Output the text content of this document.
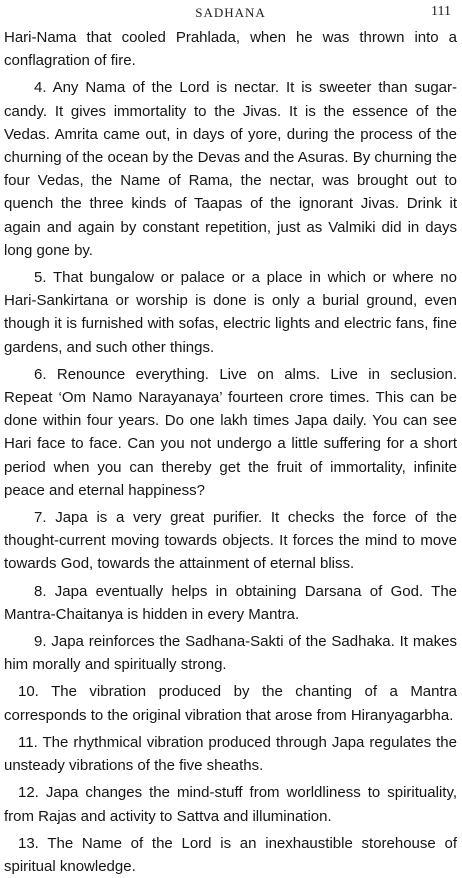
SADHANA	111

Hari-Nama that cooled Prahlada, when he was thrown into a conflagration of fire.

4. Any Nama of the Lord is nectar. It is sweeter than sugar-candy. It gives immortality to the Jivas. It is the essence of the Vedas. Amrita came out, in days of yore, during the process of the churning of the ocean by the Devas and the Asuras. By churning the four Vedas, the Name of Rama, the nectar, was brought out to quench the three kinds of Taapas of the ignorant Jivas. Drink it again and again by constant repetition, just as Valmiki did in days long gone by.

5. That bungalow or palace or a place in which or where no Hari-Sankirtana or worship is done is only a burial ground, even though it is furnished with sofas, electric lights and electric fans, fine gardens, and such other things.

6. Renounce everything. Live on alms. Live in seclusion. Repeat ‘Om Namo Narayanaya’ fourteen crore times. This can be done within four years. Do one lakh times Japa daily. You can see Hari face to face. Can you not undergo a little suffering for a short period when you can thereby get the fruit of immortality, infinite peace and eternal happiness?

7. Japa is a very great purifier. It checks the force of the thought-current moving towards objects. It forces the mind to move towards God, towards the attainment of eternal bliss.

8. Japa eventually helps in obtaining Darsana of God. The Mantra-Chaitanya is hidden in every Mantra.

9. Japa reinforces the Sadhana-Sakti of the Sadhaka. It makes him morally and spiritually strong.

10. The vibration produced by the chanting of a Mantra corresponds to the original vibration that arose from Hiranyagarbha.

11. The rhythmical vibration produced through Japa regulates the unsteady vibrations of the five sheaths.

12. Japa changes the mind-stuff from worldliness to spirituality, from Rajas and activity to Sattva and illumination.

13. The Name of the Lord is an inexhaustible storehouse of spiritual knowledge.
